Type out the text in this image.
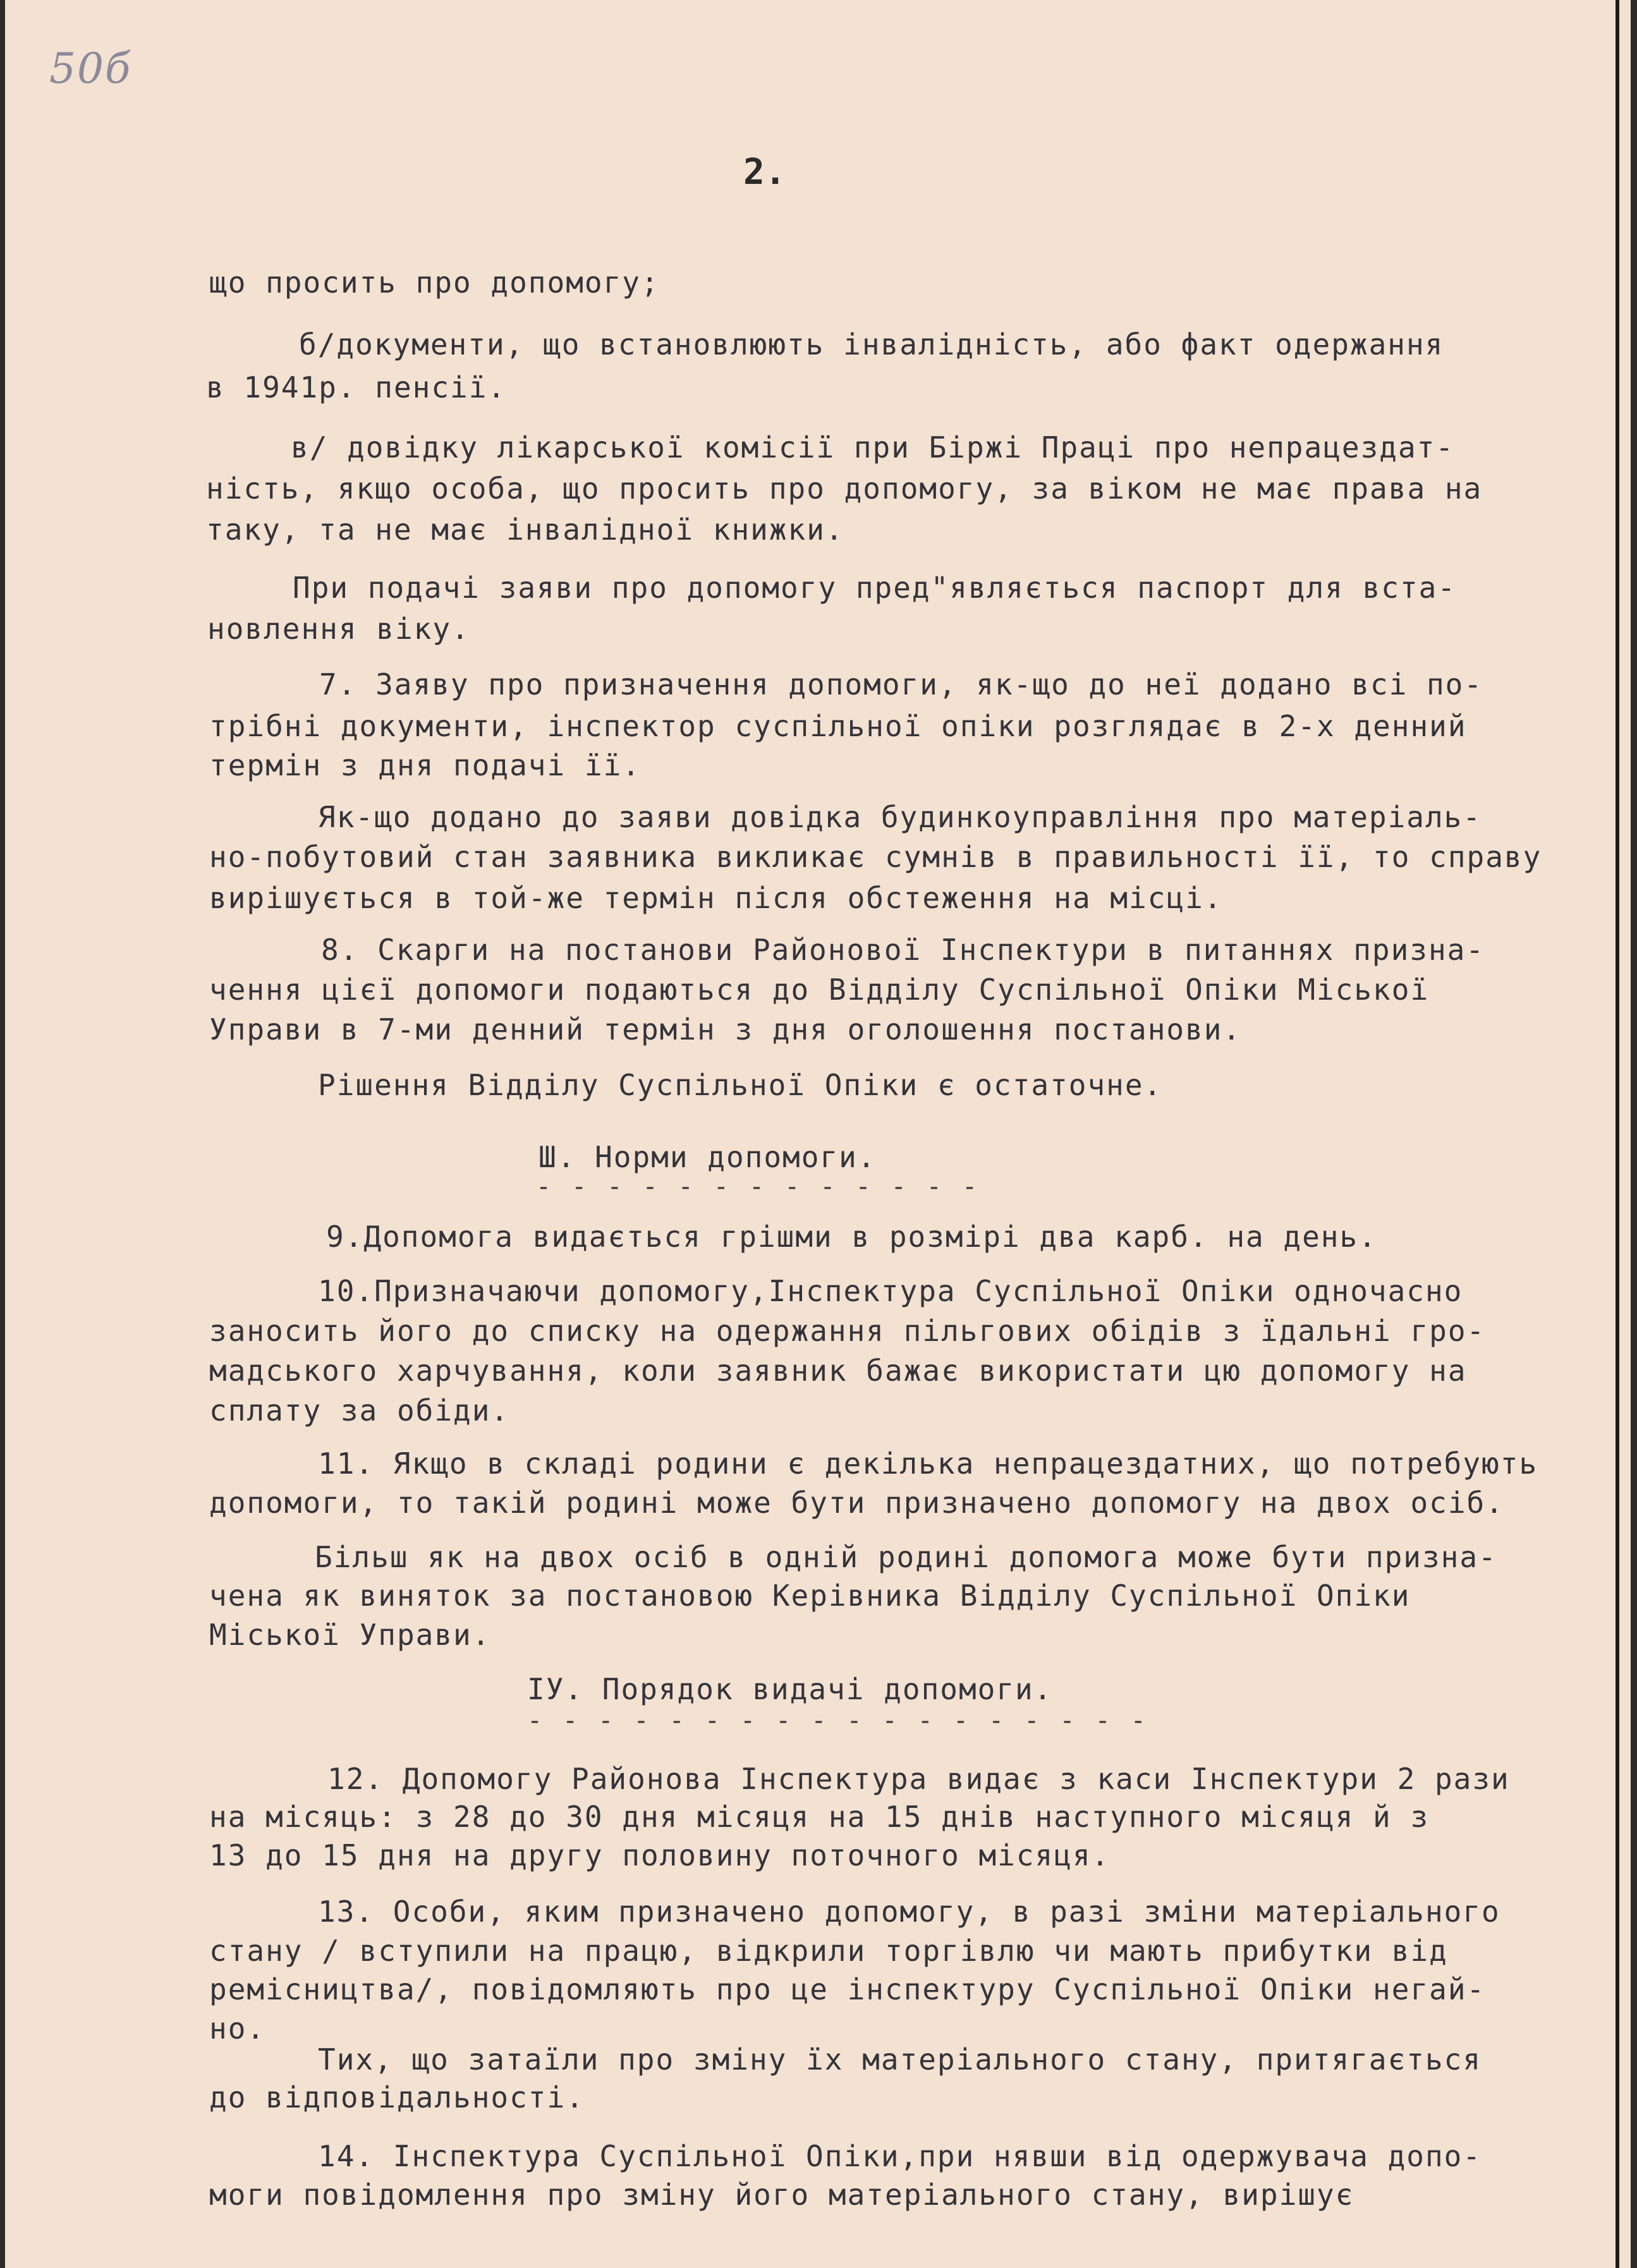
50б
2.

що просить про допомогу;

б/документи, що встановлюють інвалідність, або факт одержання

в 1941р. пенсії.

в/ довідку лікарської комісії при Біржі Праці про непрацездат-

ність, якщо особа, що просить про допомогу, за віком не має права на

таку, та не має інвалідної книжки.

При подачі заяви про допомогу пред"являється паспорт для вста-

новлення віку.

7. Заяву про призначення допомоги, як-що до неї додано всі по-

трібні документи, інспектор суспільної опіки розглядає в 2-х денний

термін з дня подачі її.

Як-що додано до заяви довідка будинкоуправління про матеріаль-

но-побутовий стан заявника викликає сумнів в правильності її, то справу

вирішується в той-же термін після обстеження на місці.

8. Скарги на постанови Районової Інспектури в питаннях призна-

чення цієї допомоги подаються до Відділу Суспільної Опіки Міської

Управи в 7-ми денний термін з дня оголошення постанови.

Рішення Відділу Суспільної Опіки є остаточне.

Ш. Норми допомоги.

- - - - - - - - - - - - -

9.Допомога видається грішми в розмірі два карб. на день.

10.Призначаючи допомогу,Інспектура Суспільної Опіки одночасно

заносить його до списку на одержання пільгових обідів з їдальні гро-

мадського харчування, коли заявник бажає використати цю допомогу на

сплату за обіди.

11. Якщо в складі родини є декілька непрацездатних, що потребують

допомоги, то такій родині може бути призначено допомогу на двох осіб.

Більш як на двох осіб в одній родині допомога може бути призна-

чена як виняток за постановою Керівника Відділу Суспільної Опіки

Міської Управи.

ІУ. Порядок видачі допомоги.

- - - - - - - - - - - - - - - - - -

12. Допомогу Районова Інспектура видає з каси Інспектури 2 рази

на місяць: з 28 до 30 дня місяця на 15 днів наступного місяця й з

13 до 15 дня на другу половину поточного місяця.

13. Особи, яким призначено допомогу, в разі зміни матеріального

стану / вступили на працю, відкрили торгівлю чи мають прибутки від

ремісництва/, повідомляють про це інспектуру Суспільної Опіки негай-

но.

Тих, що затаїли про зміну їх матеріального стану, притягається

до відповідальності.

14. Інспектура Суспільної Опіки,при нявши від одержувача допо-

моги повідомлення про зміну його матеріального стану, вирішує
